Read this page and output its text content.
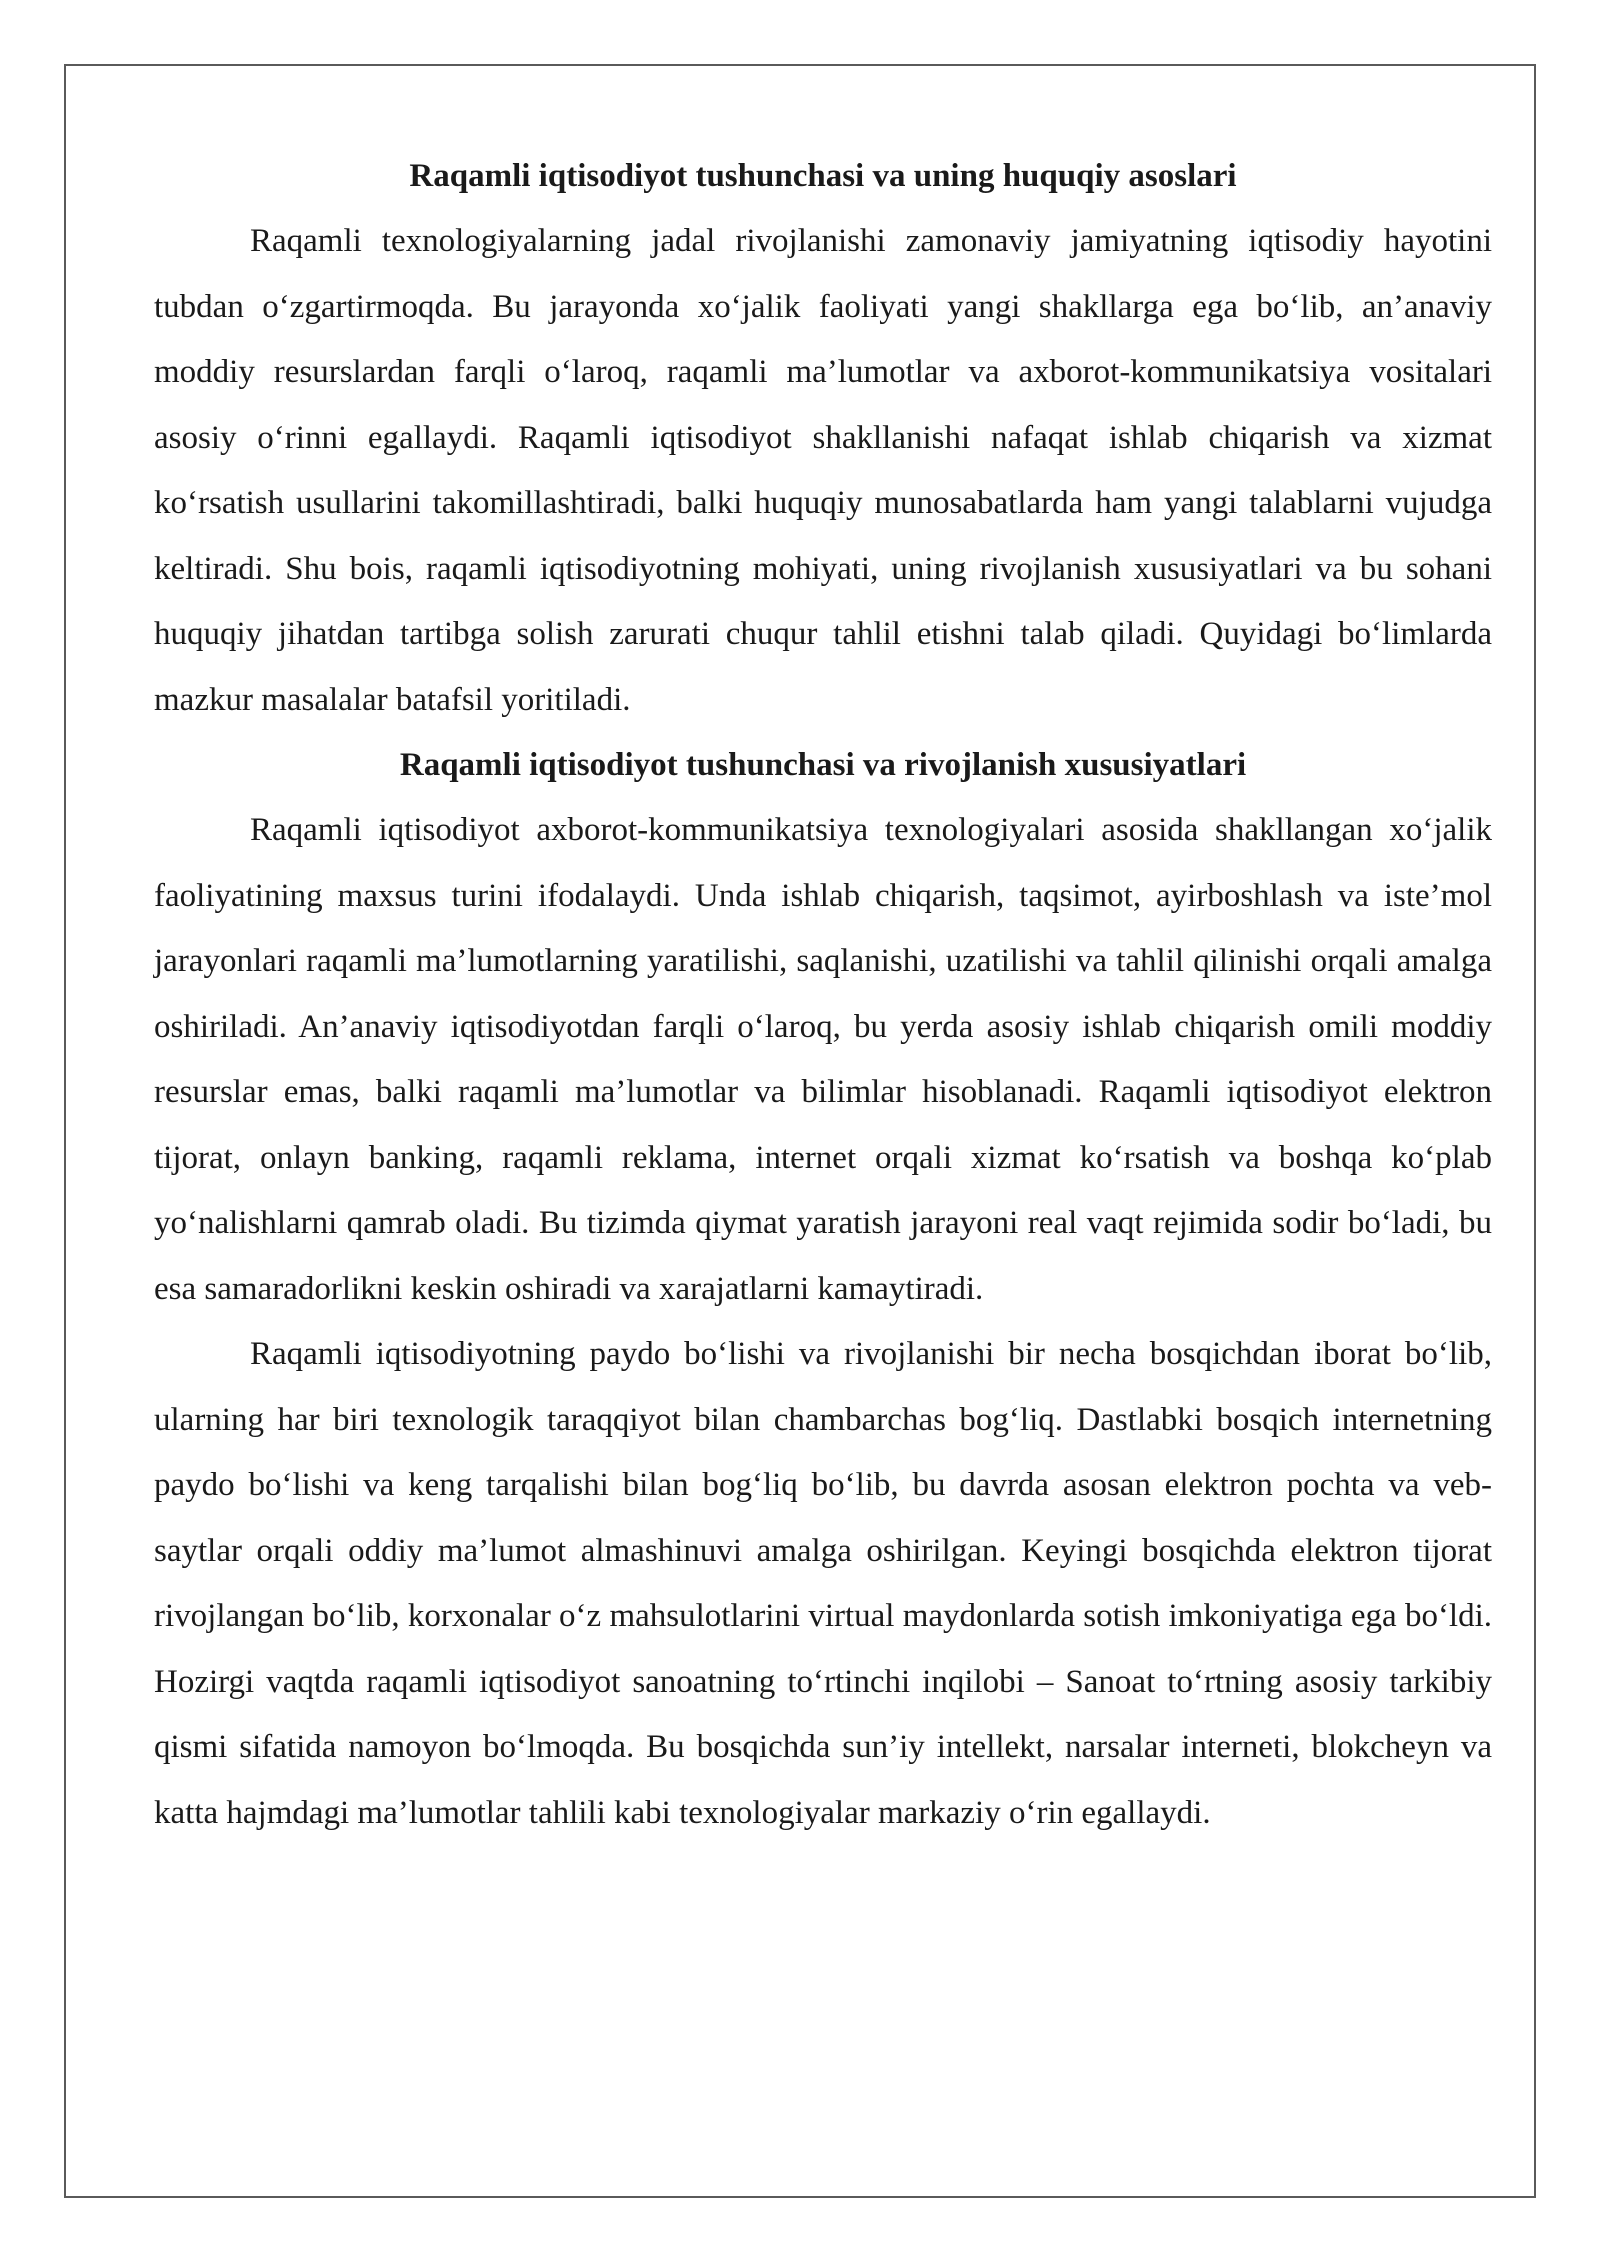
Raqamli iqtisodiyot tushunchasi va uning huquqiy asoslari

Raqamli texnologiyalarning jadal rivojlanishi zamonaviy jamiyatning iqtisodiy hayotini tubdan o‘zgartirmoqda. Bu jarayonda xo‘jalik faoliyati yangi shakllarga ega bo‘lib, an’anaviy moddiy resurslardan farqli o‘laroq, raqamli ma’lumotlar va axborot-kommunikatsiya vositalari asosiy o‘rinni egallaydi. Raqamli iqtisodiyot shakllanishi nafaqat ishlab chiqarish va xizmat ko‘rsatish usullarini takomillashtiradi, balki huquqiy munosabatlarda ham yangi talablarni vujudga keltiradi. Shu bois, raqamli iqtisodiyotning mohiyati, uning rivojlanish xususiyatlari va bu sohani huquqiy jihatdan tartibga solish zarurati chuqur tahlil etishni talab qiladi. Quyidagi bo‘limlarda mazkur masalalar batafsil yoritiladi.

Raqamli iqtisodiyot tushunchasi va rivojlanish xususiyatlari

Raqamli iqtisodiyot axborot-kommunikatsiya texnologiyalari asosida shakllangan xo‘jalik faoliyatining maxsus turini ifodalaydi. Unda ishlab chiqarish, taqsimot, ayirboshlash va iste’mol jarayonlari raqamli ma’lumotlarning yaratilishi, saqlanishi, uzatilishi va tahlil qilinishi orqali amalga oshiriladi. An’anaviy iqtisodiyotdan farqli o‘laroq, bu yerda asosiy ishlab chiqarish omili moddiy resurslar emas, balki raqamli ma’lumotlar va bilimlar hisoblanadi. Raqamli iqtisodiyot elektron tijorat, onlayn banking, raqamli reklama, internet orqali xizmat ko‘rsatish va boshqa ko‘plab yo‘nalishlarni qamrab oladi. Bu tizimda qiymat yaratish jarayoni real vaqt rejimida sodir bo‘ladi, bu esa samaradorlikni keskin oshiradi va xarajatlarni kamaytiradi.

Raqamli iqtisodiyotning paydo bo‘lishi va rivojlanishi bir necha bosqichdan iborat bo‘lib, ularning har biri texnologik taraqqiyot bilan chambarchas bog‘liq. Dastlabki bosqich internetning paydo bo‘lishi va keng tarqalishi bilan bog‘liq bo‘lib, bu davrda asosan elektron pochta va veb-saytlar orqali oddiy ma’lumot almashinuvi amalga oshirilgan. Keyingi bosqichda elektron tijorat rivojlangan bo‘lib, korxonalar o‘z mahsulotlarini virtual maydonlarda sotish imkoniyatiga ega bo‘ldi. Hozirgi vaqtda raqamli iqtisodiyot sanoatning to‘rtinchi inqilobi – Sanoat to‘rtning asosiy tarkibiy qismi sifatida namoyon bo‘lmoqda. Bu bosqichda sun’iy intellekt, narsalar interneti, blokcheyn va katta hajmdagi ma’lumotlar tahlili kabi texnologiyalar markaziy o‘rin egallaydi.
